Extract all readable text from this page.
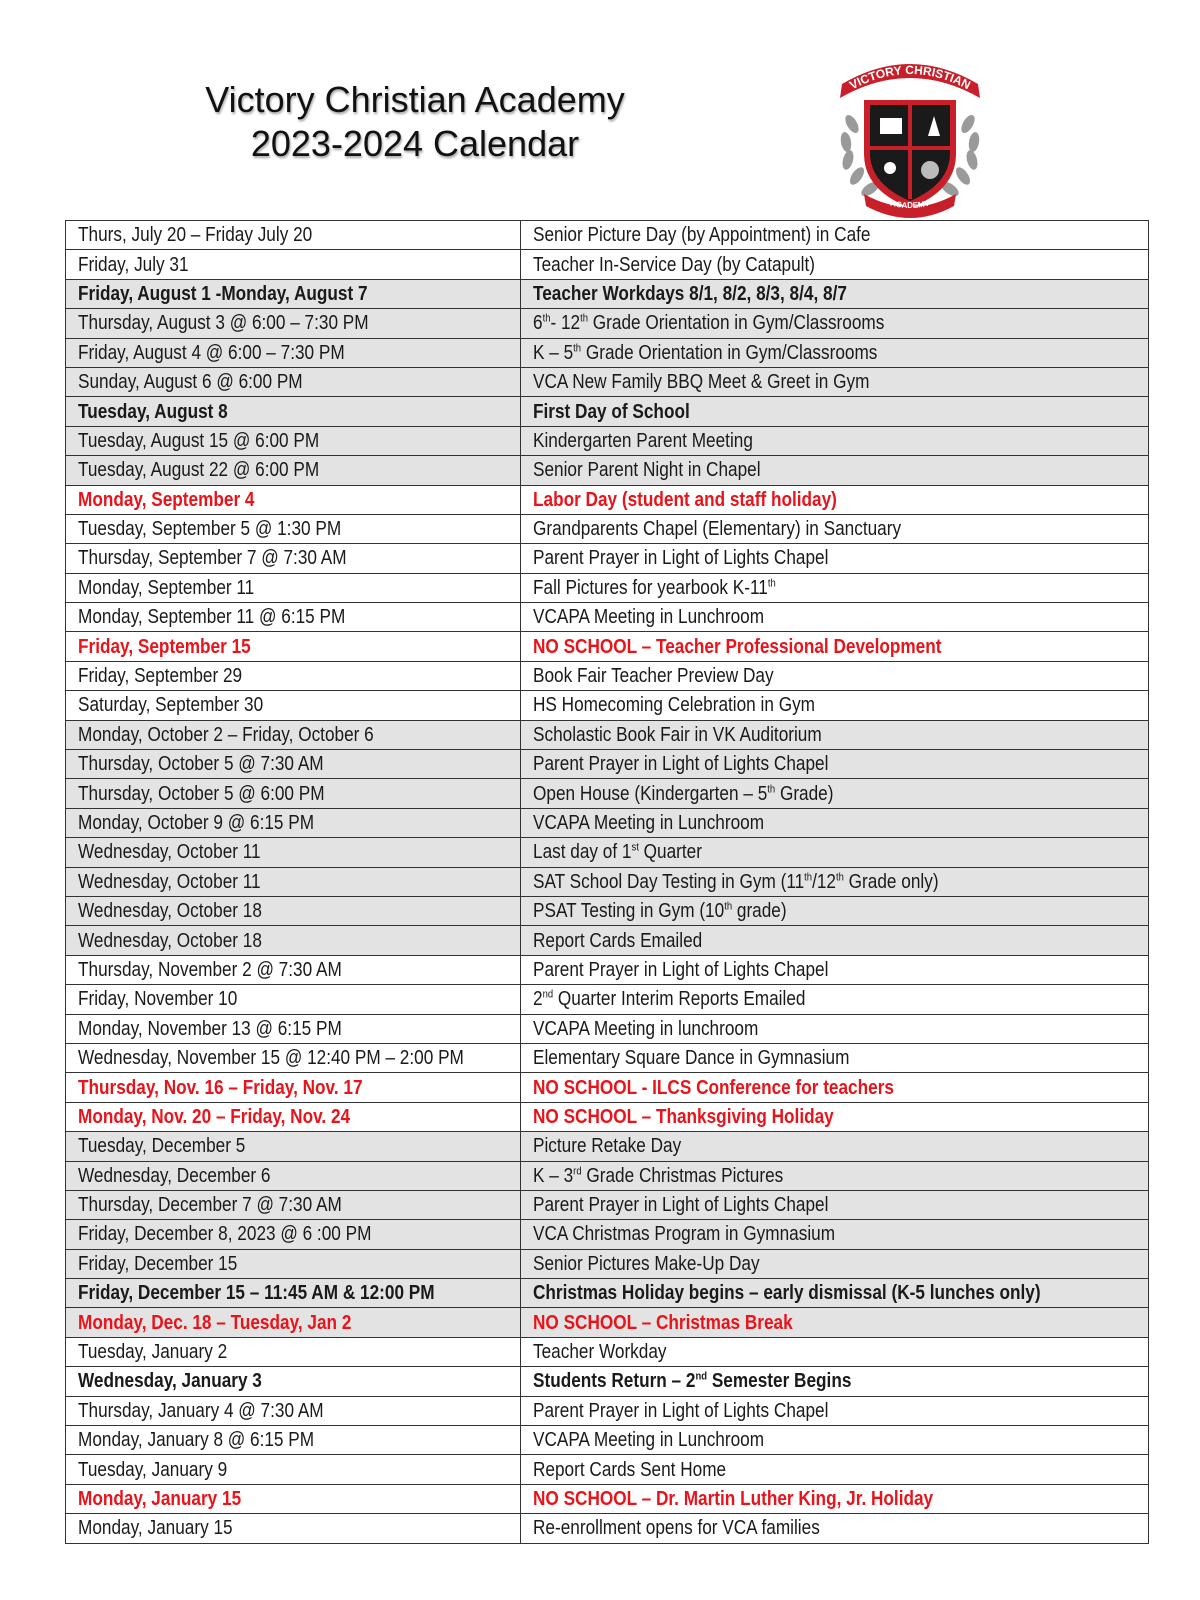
Victory Christian Academy
2023-2024 Calendar
VICTORY CHRISTIAN
ACADEMY
Thurs, July 20 – Friday July 20	Senior Picture Day (by Appointment) in Cafe
Friday, July 31	Teacher In-Service Day (by Catapult)
Friday, August 1 -Monday, August 7	Teacher Workdays 8/1, 8/2, 8/3, 8/4, 8/7
Thursday, August 3 @ 6:00 – 7:30 PM	6th- 12th Grade Orientation in Gym/Classrooms
Friday, August 4 @ 6:00 – 7:30 PM	K – 5th Grade Orientation in Gym/Classrooms
Sunday, August 6 @ 6:00 PM	VCA New Family BBQ Meet & Greet in Gym
Tuesday, August 8	First Day of School
Tuesday, August 15 @ 6:00 PM	Kindergarten Parent Meeting
Tuesday, August 22 @ 6:00 PM	Senior Parent Night in Chapel
Monday, September 4	Labor Day (student and staff holiday)
Tuesday, September 5 @ 1:30 PM	Grandparents Chapel (Elementary) in Sanctuary
Thursday, September 7 @ 7:30 AM	Parent Prayer in Light of Lights Chapel
Monday, September 11	Fall Pictures for yearbook K-11th
Monday, September 11 @ 6:15 PM	VCAPA Meeting in Lunchroom
Friday, September 15	NO SCHOOL – Teacher Professional Development
Friday, September 29	Book Fair Teacher Preview Day
Saturday, September 30	HS Homecoming Celebration in Gym
Monday, October 2 – Friday, October 6	Scholastic Book Fair in VK Auditorium
Thursday, October 5 @ 7:30 AM	Parent Prayer in Light of Lights Chapel
Thursday, October 5 @ 6:00 PM	Open House (Kindergarten – 5th Grade)
Monday, October 9 @ 6:15 PM	VCAPA Meeting in Lunchroom
Wednesday, October 11	Last day of 1st Quarter
Wednesday, October 11	SAT School Day Testing in Gym (11th/12th Grade only)
Wednesday, October 18	PSAT Testing in Gym (10th grade)
Wednesday, October 18	Report Cards Emailed
Thursday, November 2 @ 7:30 AM	Parent Prayer in Light of Lights Chapel
Friday, November 10	2nd Quarter Interim Reports Emailed
Monday, November 13 @ 6:15 PM	VCAPA Meeting in lunchroom
Wednesday, November 15 @ 12:40 PM – 2:00 PM	Elementary Square Dance in Gymnasium
Thursday, Nov. 16 – Friday, Nov. 17	NO SCHOOL - ILCS Conference for teachers
Monday, Nov. 20 – Friday, Nov. 24	NO SCHOOL – Thanksgiving Holiday
Tuesday, December 5	Picture Retake Day
Wednesday, December 6	K – 3rd Grade Christmas Pictures
Thursday, December 7 @ 7:30 AM	Parent Prayer in Light of Lights Chapel
Friday, December 8, 2023 @ 6 :00 PM	VCA Christmas Program in Gymnasium
Friday, December 15	Senior Pictures Make-Up Day
Friday, December 15 – 11:45 AM & 12:00 PM	Christmas Holiday begins – early dismissal (K-5 lunches only)
Monday, Dec. 18 – Tuesday, Jan 2	NO SCHOOL – Christmas Break
Tuesday, January 2	Teacher Workday
Wednesday, January 3	Students Return – 2nd Semester Begins
Thursday, January 4 @ 7:30 AM	Parent Prayer in Light of Lights Chapel
Monday, January 8 @ 6:15 PM	VCAPA Meeting in Lunchroom
Tuesday, January 9	Report Cards Sent Home
Monday, January 15	NO SCHOOL – Dr. Martin Luther King, Jr. Holiday
Monday, January 15	Re-enrollment opens for VCA families
